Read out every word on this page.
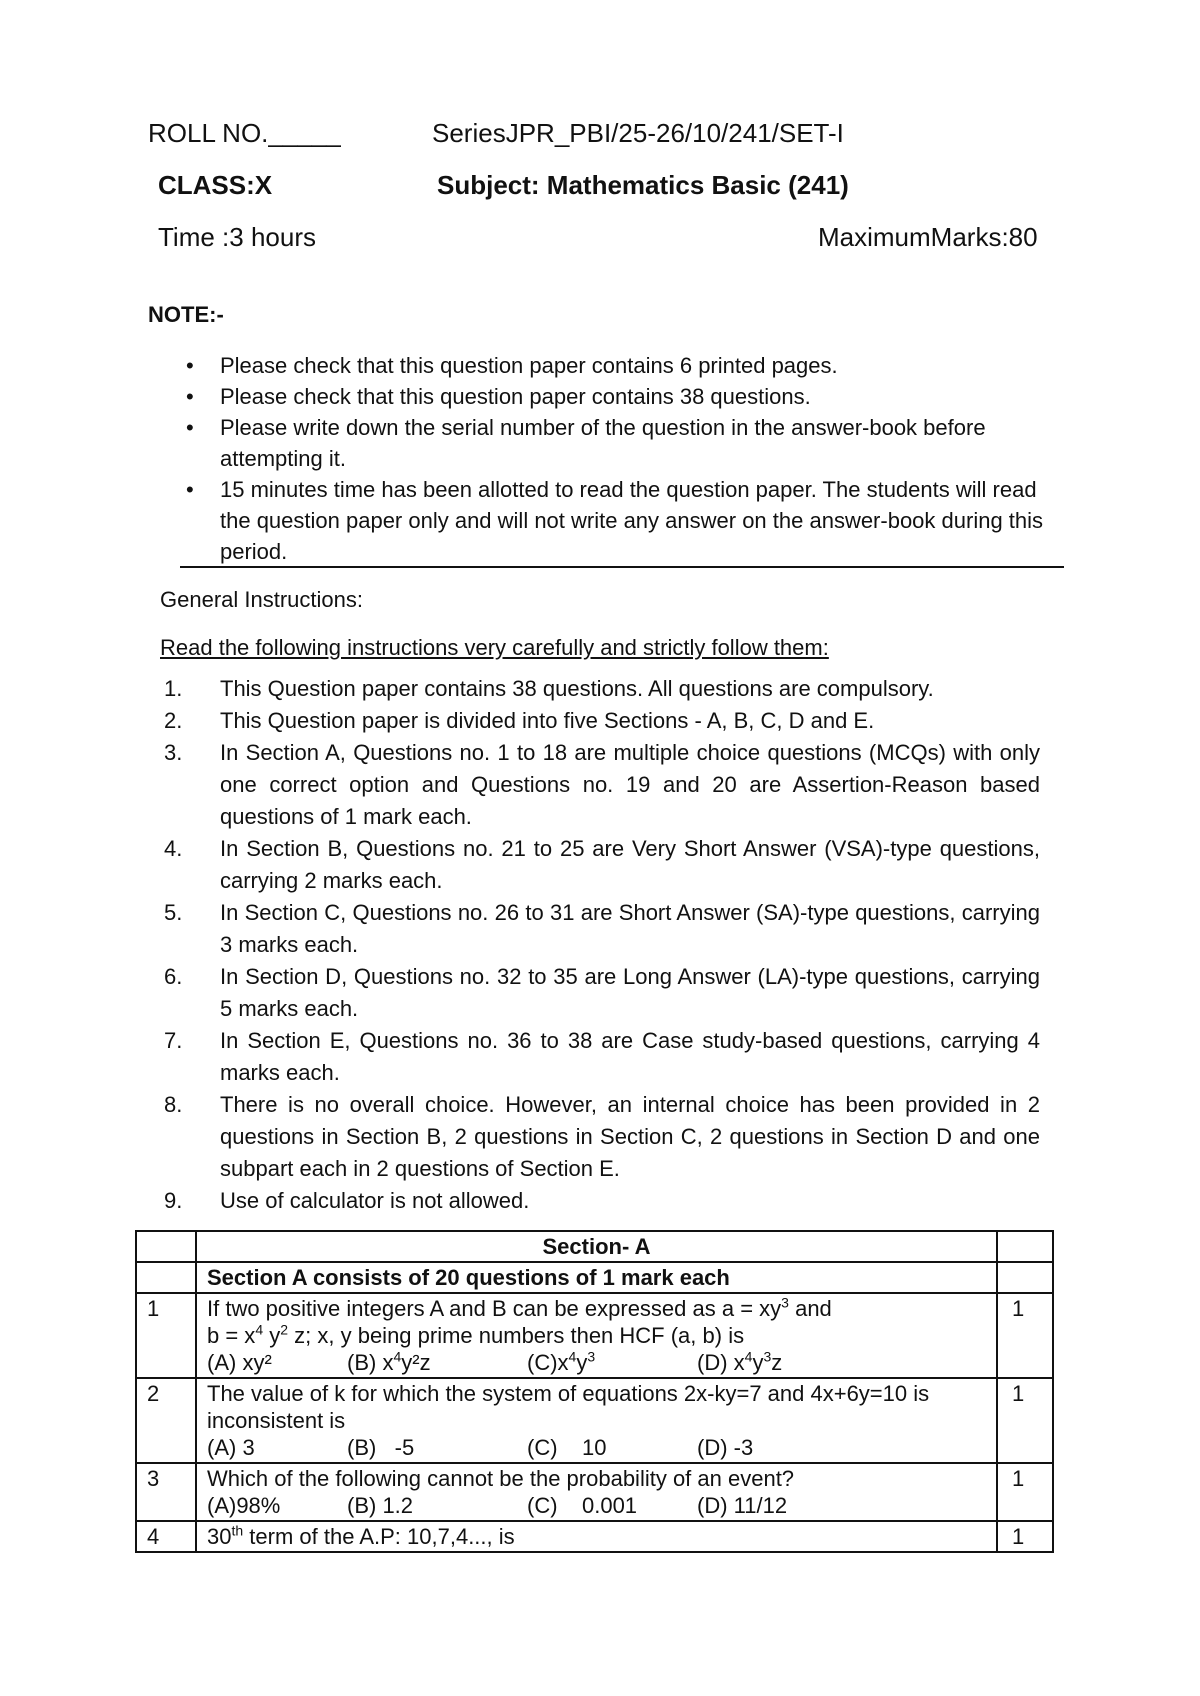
ROLL NO._____	SeriesJPR_PBI/25-26/10/241/SET-I
CLASS:X	Subject: Mathematics Basic (241)
Time :3 hours	MaximumMarks:80
NOTE:-
• Please check that this question paper contains 6 printed pages.
• Please check that this question paper contains 38 questions.
• Please write down the serial number of the question in the answer-book before attempting it.
• 15 minutes time has been allotted to read the question paper. The students will read the question paper only and will not write any answer on the answer-book during this period.
General Instructions:
Read the following instructions very carefully and strictly follow them:
1. This Question paper contains 38 questions. All questions are compulsory.
2. This Question paper is divided into five Sections - A, B, C, D and E.
3. In Section A, Questions no. 1 to 18 are multiple choice questions (MCQs) with only one correct option and Questions no. 19 and 20 are Assertion-Reason based questions of 1 mark each.
4. In Section B, Questions no. 21 to 25 are Very Short Answer (VSA)-type questions, carrying 2 marks each.
5. In Section C, Questions no. 26 to 31 are Short Answer (SA)-type questions, carrying 3 marks each.
6. In Section D, Questions no. 32 to 35 are Long Answer (LA)-type questions, carrying 5 marks each.
7. In Section E, Questions no. 36 to 38 are Case study-based questions, carrying 4 marks each.
8. There is no overall choice. However, an internal choice has been provided in 2 questions in Section B, 2 questions in Section C, 2 questions in Section D and one subpart each in 2 questions of Section E.
9. Use of calculator is not allowed.
	Section- A	
	Section A consists of 20 questions of 1 mark each	
1	If two positive integers A and B can be expressed as $a = xy^3$ and
$b = x^4$ $y^2$ z; x, y being prime numbers then HCF (a, b) is
(A) xy² (B) $x^4y^2z$ $(C)x^4y^3$ (D) $x^4y^3z$	1
2	The value of k for which the system of equations 2x-ky=7 and 4x+6y=10 is inconsistent is
(A) 3 (B)   -5 (C)    10 (D) -3	1
3	Which of the following cannot be the probability of an event?
(A)98% (B) 1.2 (C)    0.001 (D) 11/12	1
4	30th term of the A.P: 10,7,4..., is	1
